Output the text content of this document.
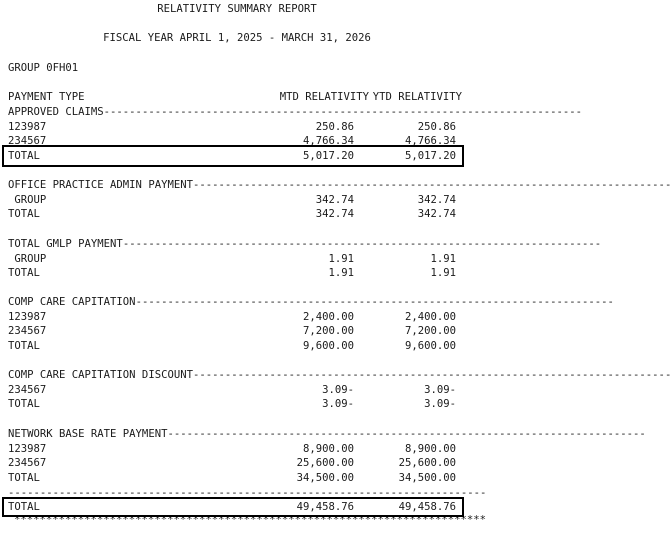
RELATIVITY SUMMARY REPORT
FISCAL YEAR APRIL 1, 2025 - MARCH 31, 2026
GROUP 0FH01
PAYMENT TYPE	MTD RELATIVITY YTD RELATIVITY
APPROVED CLAIMS---------------------------------------------------------------------------
123987	250.86	250.86
234567	4,766.34	4,766.34
TOTAL	5,017.20	5,017.20
OFFICE PRACTICE ADMIN PAYMENT---------------------------------------------------------------------------
GROUP	342.74	342.74
TOTAL	342.74	342.74
TOTAL GMLP PAYMENT---------------------------------------------------------------------------
GROUP	1.91	1.91
TOTAL	1.91	1.91
COMP CARE CAPITATION---------------------------------------------------------------------------
123987	2,400.00	2,400.00
234567	7,200.00	7,200.00
TOTAL	9,600.00	9,600.00
COMP CARE CAPITATION DISCOUNT---------------------------------------------------------------------------
234567	3.09-	3.09-
TOTAL	3.09-	3.09-
NETWORK BASE RATE PAYMENT---------------------------------------------------------------------------
123987	8,900.00	8,900.00
234567	25,600.00	25,600.00
TOTAL	34,500.00	34,500.00
---------------------------------------------------------------------------
TOTAL	49,458.76	49,458.76
**************************************************************************
